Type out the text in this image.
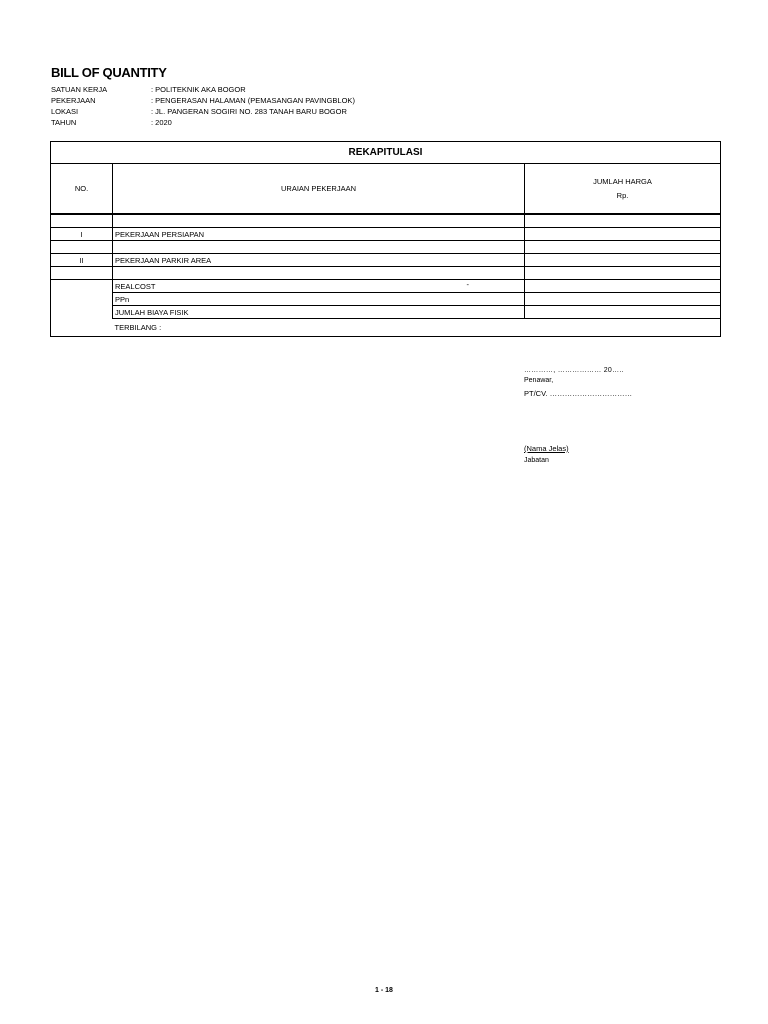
BILL OF QUANTITY
SATUAN KERJA	: POLITEKNIK AKA BOGOR
PEKERJAAN	: PENGERASAN HALAMAN (PEMASANGAN PAVINGBLOK)
LOKASI	: JL. PANGERAN SOGIRI NO. 283 TANAH BARU BOGOR
TAHUN	: 2020
REKAPITULASI		
NO.	URAIAN PEKERJAAN	JUMLAH HARGA
Rp.

I	PEKERJAAN PERSIAPAN	

II	PEKERJAAN PARKIR AREA	

	REALCOST -	

	PPn	
	JUMLAH BIAYA FISIK	
	TERBILANG :	
…………, ……………… 20…..
Penawar,
PT/CV. ……………………………
(Nama Jelas)
Jabatan
1 - 18
